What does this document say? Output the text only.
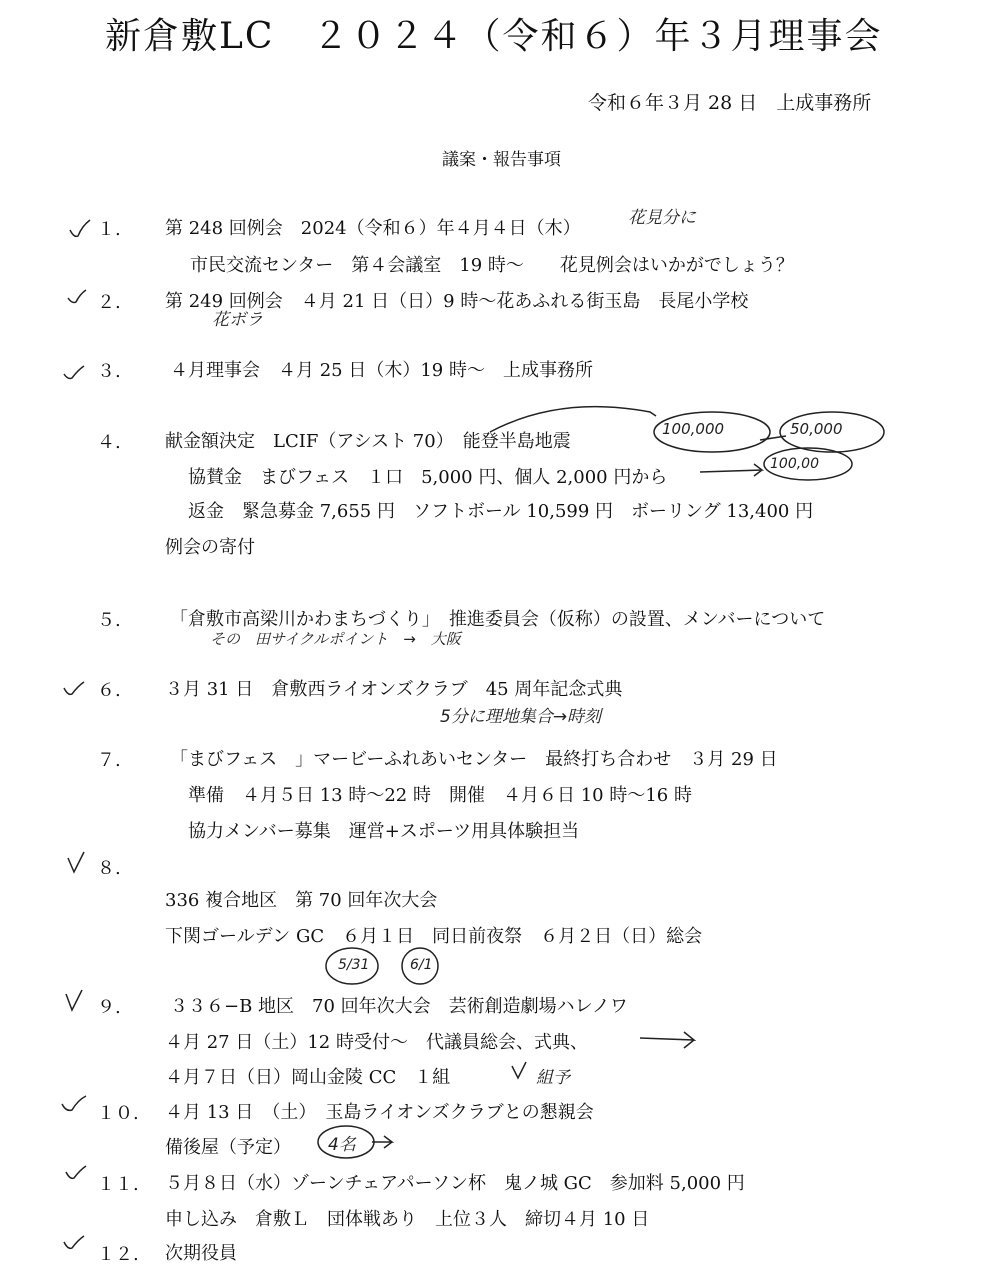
新倉敷LC　２０２４（令和６）年３月理事会
令和６年３月 28 日　上成事務所
議案・報告事項
１. 第 248 回例会　2024（令和６）年４月４日（木）
市民交流センター　第４会議室　19 時〜　　花見例会はいかがでしょう？
２. 第 249 回例会　４月 21 日（日）9 時〜花あふれる街玉島　長尾小学校
３.	４月理事会　４月 25 日（木）19 時〜　上成事務所
４. 献金額決定　LCIF（アシスト 70）　能登半島地震
協賛金　まびフェス　１口　5,000 円、個人 2,000 円から
返金　緊急募金 7,655 円　ソフトボール 10,599 円　ボーリング 13,400 円
例会の寄付
５.	「倉敷市高梁川かわまちづくり」　推進委員会（仮称）の設置、メンバーについて
６. ３月 31 日　倉敷西ライオンズクラブ　45 周年記念式典
７.	「まびフェス　」マービーふれあいセンター　最終打ち合わせ　３月 29 日
準備　４月５日 13 時〜22 時　開催　４月６日 10 時〜16 時
協力メンバー募集　運営+スポーツ用具体験担当
８.
336 複合地区　第 70 回年次大会
下関ゴールデン GC　６月１日　同日前夜祭　６月２日（日）総会
９.	３３６−B 地区　70 回年次大会　芸術創造劇場ハレノワ
４月 27 日（土）12 時受付〜　代議員総会、式典、
４月７日（日）岡山金陵 CC　１組
１０. ４月 13 日　（土）　玉島ライオンズクラブとの懇親会
備後屋（予定）
１１. ５月８日（水）ゾーンチェアパーソン杯　鬼ノ城 GC　参加料 5,000 円
申し込み　倉敷Ｌ　団体戦あり　上位３人　締切４月 10 日
１２. 次期役員
花見分に
花ボラ
100,000	50,000
100,00
その　田サイクルポイント　→　大阪
5分に理地集合→時刻
5/31	6/1
組予
4名
